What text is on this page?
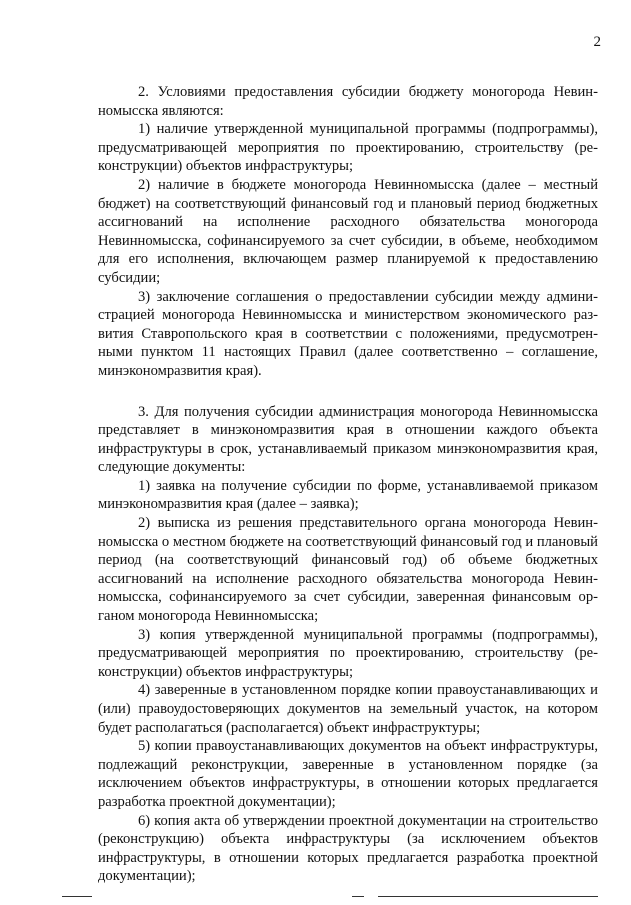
2

2. Условиями предоставления субсидии бюджету моногорода Невинномысска являются:

1) наличие утвержденной муниципальной программы (подпрограммы), предусматривающей мероприятия по проектированию, строительству (реконструкции) объектов инфраструктуры;

2) наличие в бюджете моногорода Невинномысска (далее – местный бюджет) на соответствующий финансовый год и плановый период бюджетных ассигнований на исполнение расходного обязательства моногорода Невинномысска, софинансируемого за счет субсидии, в объеме, необходимом для его исполнения, включающем размер планируемой к предоставлению субсидии;

3) заключение соглашения о предоставлении субсидии между администрацией моногорода Невинномысска и министерством экономического развития Ставропольского края в соответствии с положениями, предусмотренными пунктом 11 настоящих Правил (далее соответственно – соглашение, минэкономразвития края).

3. Для получения субсидии администрация моногорода Невинномысска представляет в минэкономразвития края в отношении каждого объекта инфраструктуры в срок, устанавливаемый приказом минэкономразвития края, следующие документы:

1) заявка на получение субсидии по форме, устанавливаемой приказом минэкономразвития края (далее – заявка);

2) выписка из решения представительного органа моногорода Невинномысска о местном бюджете на соответствующий финансовый год и плановый период (на соответствующий финансовый год) об объеме бюджетных ассигнований на исполнение расходного обязательства моногорода Невинномысска, софинансируемого за счет субсидии, заверенная финансовым органом моногорода Невинномысска;

3) копия утвержденной муниципальной программы (подпрограммы), предусматривающей мероприятия по проектированию, строительству (реконструкции) объектов инфраструктуры;

4) заверенные в установленном порядке копии правоустанавливающих и (или) правоудостоверяющих документов на земельный участок, на котором будет располагаться (располагается) объект инфраструктуры;

5) копии правоустанавливающих документов на объект инфраструктуры, подлежащий реконструкции, заверенные в установленном порядке (за исключением объектов инфраструктуры, в отношении которых предлагается разработка проектной документации);

6) копия акта об утверждении проектной документации на строительство (реконструкцию) объекта инфраструктуры (за исключением объектов инфраструктуры, в отношении которых предлагается разработка проектной документации);
